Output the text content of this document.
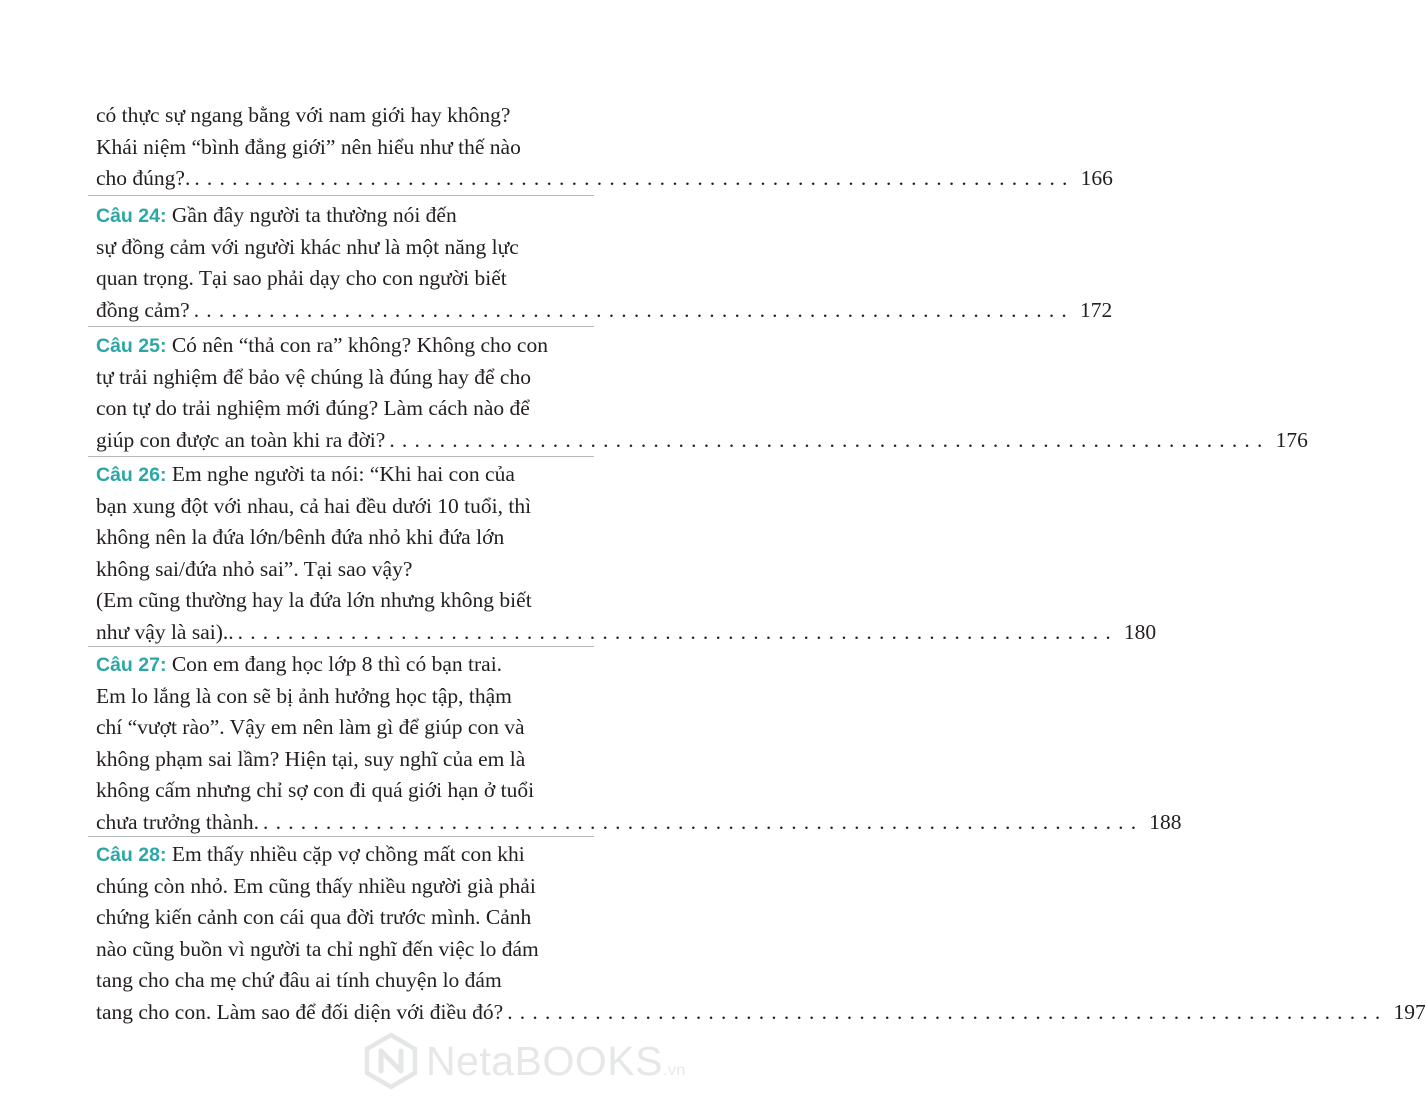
có thực sự ngang bằng với nam giới hay không?
Khái niệm “bình đẳng giới” nên hiểu như thế nào
cho đúng?. ...................................................................... 166
Câu 24: Gần đây người ta thường nói đến
sự đồng cảm với người khác như là một năng lực
quan trọng. Tại sao phải dạy cho con người biết
đồng cảm? ...................................................................... 172
Câu 25: Có nên “thả con ra” không? Không cho con
tự trải nghiệm để bảo vệ chúng là đúng hay để cho
con tự do trải nghiệm mới đúng? Làm cách nào để
giúp con được an toàn khi ra đời? ...................................................................... 176
Câu 26: Em nghe người ta nói: “Khi hai con của
bạn xung đột với nhau, cả hai đều dưới 10 tuổi, thì
không nên la đứa lớn/bênh đứa nhỏ khi đứa lớn
không sai/đứa nhỏ sai”. Tại sao vậy?
(Em cũng thường hay la đứa lớn nhưng không biết
như vậy là sai).. ...................................................................... 180
Câu 27: Con em đang học lớp 8 thì có bạn trai.
Em lo lắng là con sẽ bị ảnh hưởng học tập, thậm
chí “vượt rào”. Vậy em nên làm gì để giúp con và
không phạm sai lầm? Hiện tại, suy nghĩ của em là
không cấm nhưng chỉ sợ con đi quá giới hạn ở tuổi
chưa trưởng thành. ...................................................................... 188
Câu 28: Em thấy nhiều cặp vợ chồng mất con khi
chúng còn nhỏ. Em cũng thấy nhiều người già phải
chứng kiến cảnh con cái qua đời trước mình. Cảnh
nào cũng buồn vì người ta chỉ nghĩ đến việc lo đám
tang cho cha mẹ chứ đâu ai tính chuyện lo đám
tang cho con. Làm sao để đối diện với điều đó? ...................................................................... 197
NetaBOOKS.vn
